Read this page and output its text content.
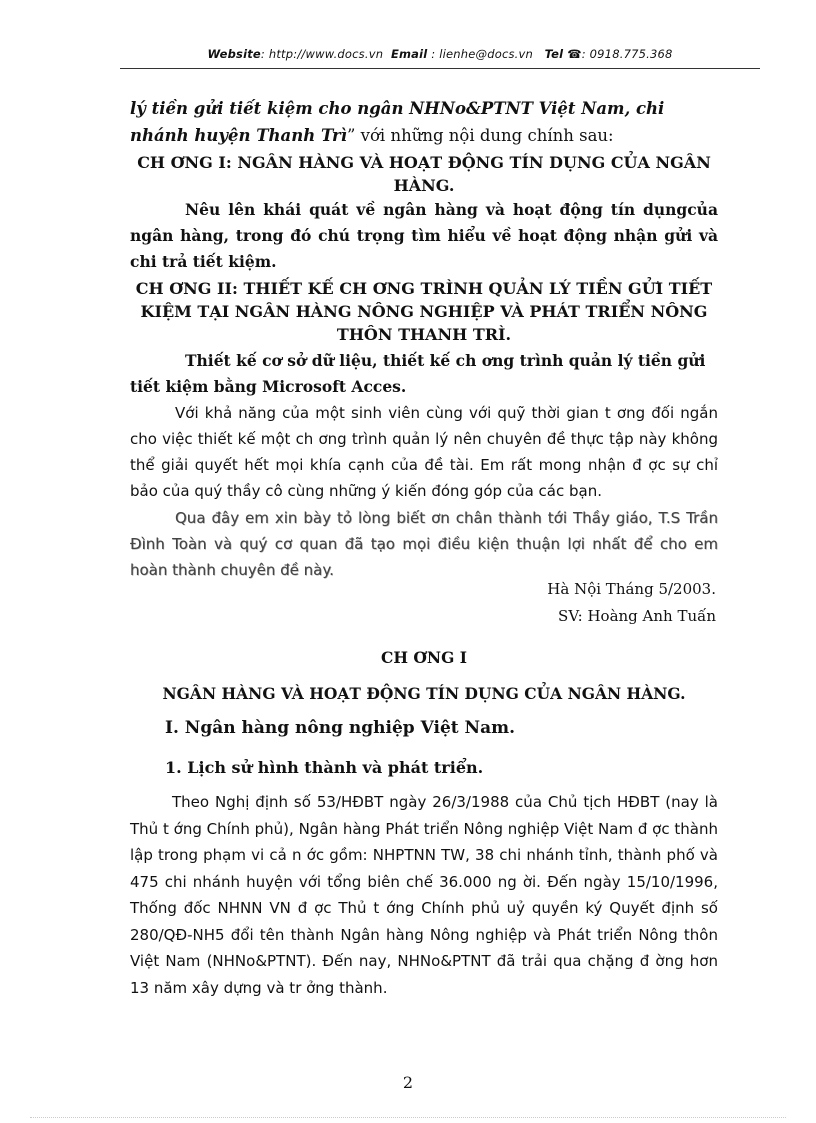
Website: http://www.docs.vn Email : lienhe@docs.vn Tel ☎: 0918.775.368

lý tiền gửi tiết kiệm cho ngân NHNo&PTNT Việt Nam, chi nhánh huyện Thanh Trì” với những nội dung chính sau:

CH ƠNG I: NGÂN HÀNG VÀ HOẠT ĐỘNG TÍN DỤNG CỦA NGÂN HÀNG.

Nêu lên khái quát về ngân hàng và hoạt động tín dụngcủa ngân hàng, trong đó chú trọng tìm hiểu về hoạt động nhận gửi và chi trả tiết kiệm.

CH ƠNG II: THIẾT KẾ CH ƠNG TRÌNH QUẢN LÝ TIỀN GỬI TIẾT KIỆM TẠI NGÂN HÀNG NÔNG NGHIỆP VÀ PHÁT TRIỂN NÔNG THÔN THANH TRÌ.

Thiết kế cơ sở dữ liệu, thiết kế ch ơng trình quản lý tiền gửi tiết kiệm bằng Microsoft Acces.

Với khả năng của một sinh viên cùng với quỹ thời gian t ơng đối ngắn cho việc thiết kế một ch ơng trình quản lý nên chuyên đề thực tập này không thể giải quyết hết mọi khía cạnh của đề tài. Em rất mong nhận đ ợc sự chỉ bảo của quý thầy cô cùng những ý kiến đóng góp của các bạn.

Qua đây em xin bày tỏ lòng biết ơn chân thành tới Thầy giáo, T.S Trần Đình Toàn và quý cơ quan đã tạo mọi điều kiện thuận lợi nhất để cho em hoàn thành chuyên đề này.

Hà Nội Tháng 5/2003.
SV: Hoàng Anh Tuấn
CH ƠNG I
NGÂN HÀNG VÀ HOẠT ĐỘNG TÍN DỤNG CỦA NGÂN HÀNG.
I. Ngân hàng nông nghiệp Việt Nam.
1. Lịch sử hình thành và phát triển.

Theo Nghị định số 53/HĐBT ngày 26/3/1988 của Chủ tịch HĐBT (nay là Thủ t ớng Chính phủ), Ngân hàng Phát triển Nông nghiệp Việt Nam đ ợc thành lập trong phạm vi cả n ớc gồm: NHPTNN TW, 38 chi nhánh tỉnh, thành phố và 475 chi nhánh huyện với tổng biên chế 36.000 ng ời. Đến ngày 15/10/1996, Thống đốc NHNN VN đ ợc Thủ t ớng Chính phủ uỷ quyền ký Quyết định số 280/QĐ-NH5 đổi tên thành Ngân hàng Nông nghiệp và Phát triển Nông thôn Việt Nam (NHNo&PTNT). Đến nay, NHNo&PTNT đã trải qua chặng đ ờng hơn 13 năm xây dựng và tr ởng thành.

2
